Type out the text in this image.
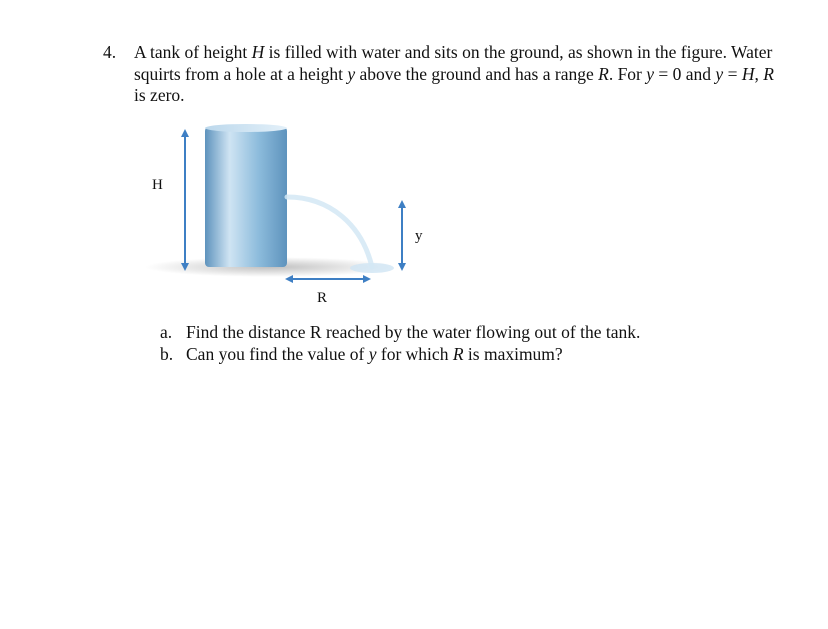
4. A tank of height H is filled with water and sits on the ground, as shown in the figure. Water squirts from a hole at a height y above the ground and has a range R. For y = 0 and y = H, R is zero.
H
y
R
a. Find the distance R reached by the water flowing out of the tank.
b. Can you find the value of y for which R is maximum?
